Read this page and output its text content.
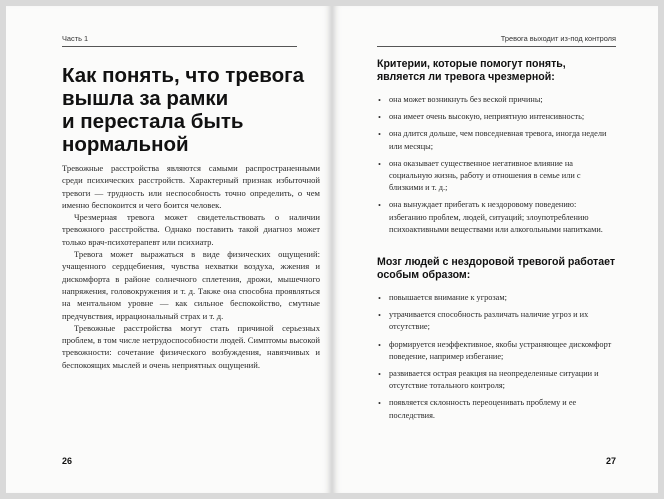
Часть 1
Как понять, что тревога
вышла за рамки
и перестала быть
нормальной

Тревожные расстройства являются самыми распространенными среди психических расстройств. Характерный признак избыточной тревоги — трудность или неспособность точно определить, о чем именно беспокоится и чего боится человек.

Чрезмерная тревога может свидетельствовать о наличии тревожного расстройства. Однако поставить такой диагноз может только врач-психотерапевт или психиатр.

Тревога может выражаться в виде физических ощущений: учащенного сердцебиения, чувства нехватки воздуха, жжения и дискомфорта в районе солнечного сплетения, дрожи, мышечного напряжения, головокружения и т. д. Также она способна проявляться на ментальном уровне — как сильное беспокойство, смутные предчувствия, иррациональный страх и т. д.

Тревожные расстройства могут стать причиной серьезных проблем, в том числе нетрудоспособности людей. Симптомы высокой тревожности: сочетание физического возбуждения, навязчивых и беспокоящих мыслей и очень неприятных ощущений.

26
Тревога выходит из-под контроля
Критерии, которые помогут понять, является ли тревога чрезмерной:
• она может возникнуть без веской причины;
• она имеет очень высокую, неприятную интенсивность;
• она длится дольше, чем повседневная тревога, иногда недели или месяцы;
• она оказывает существенное негативное влияние на социальную жизнь, работу и отношения в семье или с близкими и т. д.;
• она вынуждает прибегать к нездоровому поведению: избеганию проблем, людей, ситуаций; злоупотреблению психоактивными веществами или алкогольными напитками.
Мозг людей с нездоровой тревогой работает особым образом:
• повышается внимание к угрозам;
• утрачивается способность различать наличие угроз и их отсутствие;
• формируется неэффективное, якобы устраняющее дискомфорт поведение, например избегание;
• развивается острая реакция на неопределенные ситуации и отсутствие тотального контроля;
• появляется склонность переоценивать проблему и ее последствия.
27
